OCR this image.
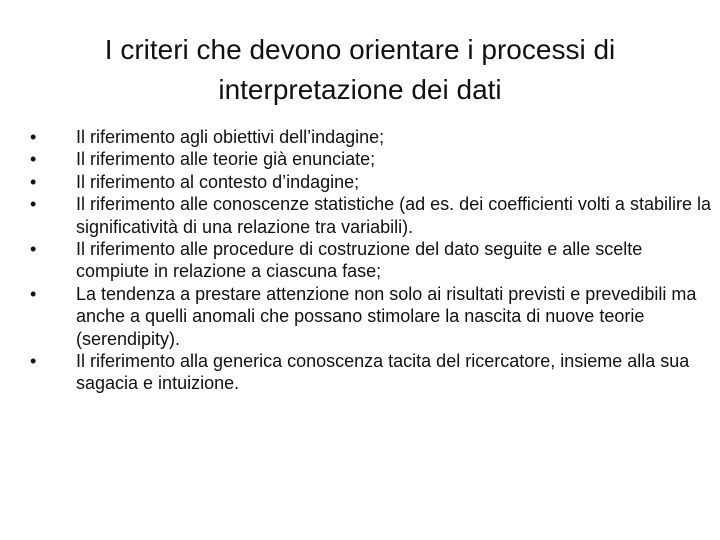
I criteri che devono orientare i processi di interpretazione dei dati
•	Il riferimento agli obiettivi dell’indagine;
•	Il riferimento alle teorie già enunciate;
•	Il riferimento al contesto d’indagine;
•	Il riferimento alle conoscenze statistiche (ad es. dei coefficienti volti a stabilire la significatività di una relazione tra variabili).
•	Il riferimento alle procedure di costruzione del dato seguite e alle scelte compiute in relazione a ciascuna fase;
•	La tendenza a prestare attenzione non solo ai risultati previsti e prevedibili ma anche a quelli anomali che possano stimolare la nascita di nuove teorie (serendipity).
•	Il riferimento alla generica conoscenza tacita del ricercatore, insieme alla sua sagacia e intuizione.
